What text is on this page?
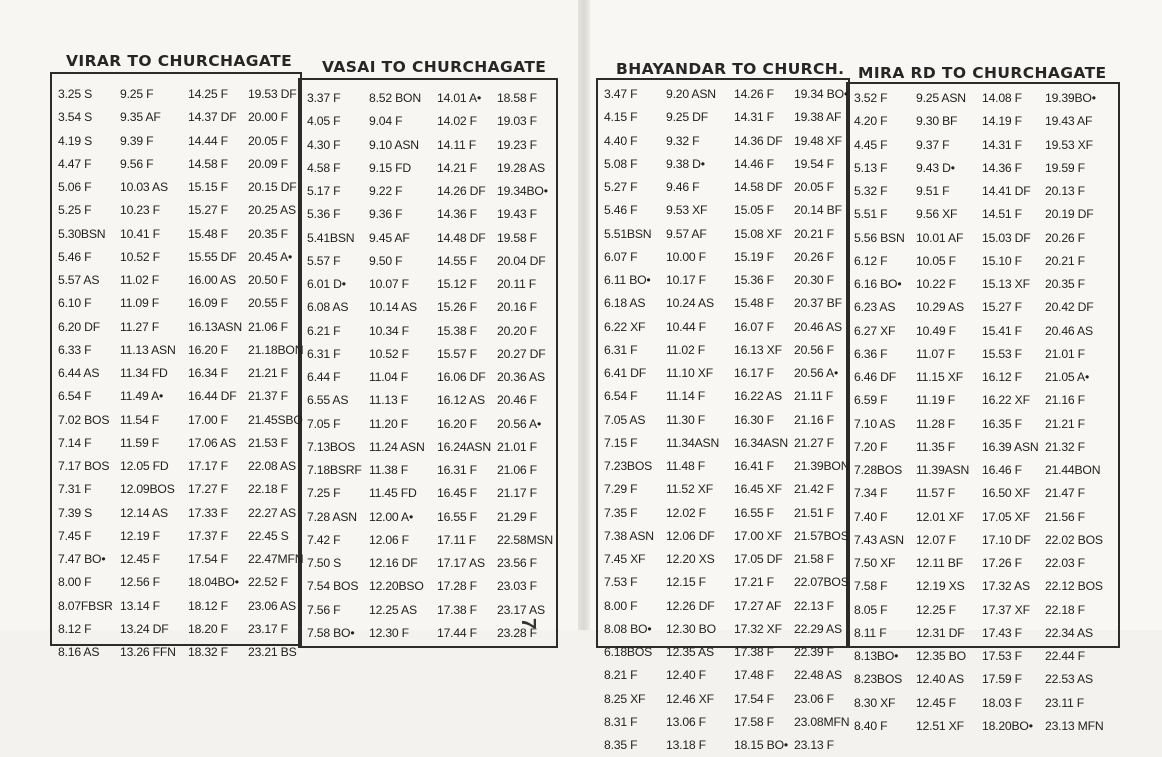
VIRAR TO CHURCHAGATE VASAI TO CHURCHAGATE	BHAYANDAR TO CHURCH. MIRA RD TO CHURCHAGATE
3.25 S	9.25 F	14.25 F	19.53 DF
3.54 S	9.35 AF	14.37 DF 20.00 F
4.19 S	9.39 F	14.44 F	20.05 F
4.47 F	9.56 F	14.58 F	20.09 F
5.06 F	10.03 AS	15.15 F	20.15 DF
5.25 F	10.23 F	15.27 F	20.25 AS
5.30BSN	10.41 F	15.48 F	20.35 F
5.46 F	10.52 F	15.55 DF 20.45 A•
5.57 AS	11.02 F	16.00 AS 20.50 F
6.10 F	11.09 F	16.09 F	20.55 F
6.20 DF	11.27 F	16.13ASN 21.06 F
6.33 F	11.13 ASN	16.20 F	21.18BON
6.44 AS	11.34 FD	16.34 F	21.21 F
6.54 F	11.49 A•	16.44 DF 21.37 F
7.02 BOS 11.54 F	17.00 F	21.45SBO
7.14 F	11.59 F	17.06 AS 21.53 F
7.17 BOS 12.05 FD	17.17 F	22.08 AS
7.31 F	12.09BOS	17.27 F	22.18 F
7.39 S	12.14 AS	17.33 F	22.27 AS
7.45 F	12.19 F	17.37 F	22.45 S
7.47 BO•	12.45 F	17.54 F	22.47MFN
8.00 F	12.56 F	18.04BO• 22.52 F
8.07FBSR 13.14 F	18.12 F	23.06 AS
8.12 F	13.24 DF	18.20 F	23.17 F
8.16 AS	13.26 FFN	18.32 F	23.21 BS
3.37 F	8.52 BON	14.01 A•	18.58 F
4.05 F	9.04 F	14.02 F	19.03 F
4.30 F	9.10 ASN	14.11 F	19.23 F
4.58 F	9.15 FD	14.21 F	19.28 AS
5.17 F	9.22 F	14.26 DF 19.34BO•
5.36 F	9.36 F	14.36 F	19.43 F
5.41BSN	9.45 AF	14.48 DF 19.58 F
5.57 F	9.50 F	14.55 F	20.04 DF
6.01 D•	10.07 F	15.12 F	20.11 F
6.08 AS	10.14 AS	15.26 F	20.16 F
6.21 F	10.34 F	15.38 F	20.20 F
6.31 F	10.52 F	15.57 F	20.27 DF
6.44 F	11.04 F	16.06 DF 20.36 AS
6.55 AS	11.13 F	16.12 AS 20.46 F
7.05 F	11.20 F	16.20 F	20.56 A•
7.13BOS	11.24 ASN	16.24ASN 21.01 F
7.18BSRF 11.38 F	16.31 F	21.06 F
7.25 F	11.45 FD	16.45 F	21.17 F
7.28 ASN 12.00 A•	16.55 F	21.29 F
7.42 F	12.06 F	17.11 F	22.58MSN
7.50 S	12.16 DF	17.17 AS 23.56 F
7.54 BOS 12.20BSO	17.28 F	23.03 F
7.56 F	12.25 AS	17.38 F	23.17 AS
7.58 BO•	12.30 F	17.44 F	23.28 F
3.47 F	9.20 ASN	14.26 F	19.34 BO•
4.15 F	9.25 DF	14.31 F	19.38 AF
4.40 F	9.32 F	14.36 DF 19.48 XF
5.08 F	9.38 D•	14.46 F	19.54 F
5.27 F	9.46 F	14.58 DF 20.05 F
5.46 F	9.53 XF	15.05 F	20.14 BF
5.51BSN	9.57 AF	15.08 XF 20.21 F
6.07 F	10.00 F	15.19 F	20.26 F
6.11 BO•	10.17 F	15.36 F	20.30 F
6.18 AS	10.24 AS	15.48 F	20.37 BF
6.22 XF	10.44 F	16.07 F	20.46 AS
6.31 F	11.02 F	16.13 XF 20.56 F
6.41 DF	11.10 XF	16.17 F	20.56 A•
6.54 F	11.14 F	16.22 AS 21.11 F
7.05 AS	11.30 F	16.30 F	21.16 F
7.15 F	11.34ASN	16.34ASN 21.27 F
7.23BOS	11.48 F	16.41 F	21.39BON
7.29 F	11.52 XF	16.45 XF 21.42 F
7.35 F	12.02 F	16.55 F	21.51 F
7.38 ASN 12.06 DF	17.00 XF 21.57BOS
7.45 XF	12.20 XS	17.05 DF 21.58 F
7.53 F	12.15 F	17.21 F	22.07BOS
8.00 F	12.26 DF	17.27 AF	22.13 F
8.08 BO•	12.30 BO	17.32 XF 22.29 AS
6.18BOS	12.35 AS	17.38 F	22.39 F
8.21 F	12.40 F	17.48 F	22.48 AS
8.25 XF	12.46 XF	17.54 F	23.06 F
8.31 F	13.06 F	17.58 F	23.08MFN
8.35 F	13.18 F	18.15 BO• 23.13 F
3.52 F	9.25 ASN	14.08 F	19.39BO•
4.20 F	9.30 BF	14.19 F	19.43 AF
4.45 F	9.37 F	14.31 F	19.53 XF
5.13 F	9.43 D•	14.36 F	19.59 F
5.32 F	9.51 F	14.41 DF	20.13 F
5.51 F	9.56 XF	14.51 F	20.19 DF
5.56 BSN 10.01 AF	15.03 DF	20.26 F
6.12 F	10.05 F	15.10 F	20.21 F
6.16 BO•	10.22 F	15.13 XF	20.35 F
6.23 AS	10.29 AS	15.27 F	20.42 DF
6.27 XF	10.49 F	15.41 F	20.46 AS
6.36 F	11.07 F	15.53 F	21.01 F
6.46 DF	11.15 XF	16.12 F	21.05 A•
6.59 F	11.19 F	16.22 XF	21.16 F
7.10 AS	11.28 F	16.35 F	21.21 F
7.20 F	11.35 F	16.39 ASN 21.32 F
7.28BOS	11.39ASN	16.46 F	21.44BON
7.34 F	11.57 F	16.50 XF	21.47 F
7.40 F	12.01 XF	17.05 XF	21.56 F
7.43 ASN 12.07 F	17.10 DF	22.02 BOS
7.50 XF	12.11 BF	17.26 F	22.03 F
7.58 F	12.19 XS	17.32 AS	22.12 BOS
8.05 F	12.25 F	17.37 XF	22.18 F
8.11 F	12.31 DF	17.43 F	22.34 AS
8.13BO•	12.35 BO	17.53 F	22.44 F
8.23BOS	12.40 AS	17.59 F	22.53 AS
8.30 XF	12.45 F	18.03 F	23.11 F
8.40 F	12.51 XF	18.20BO•	23.13 MFN
7
